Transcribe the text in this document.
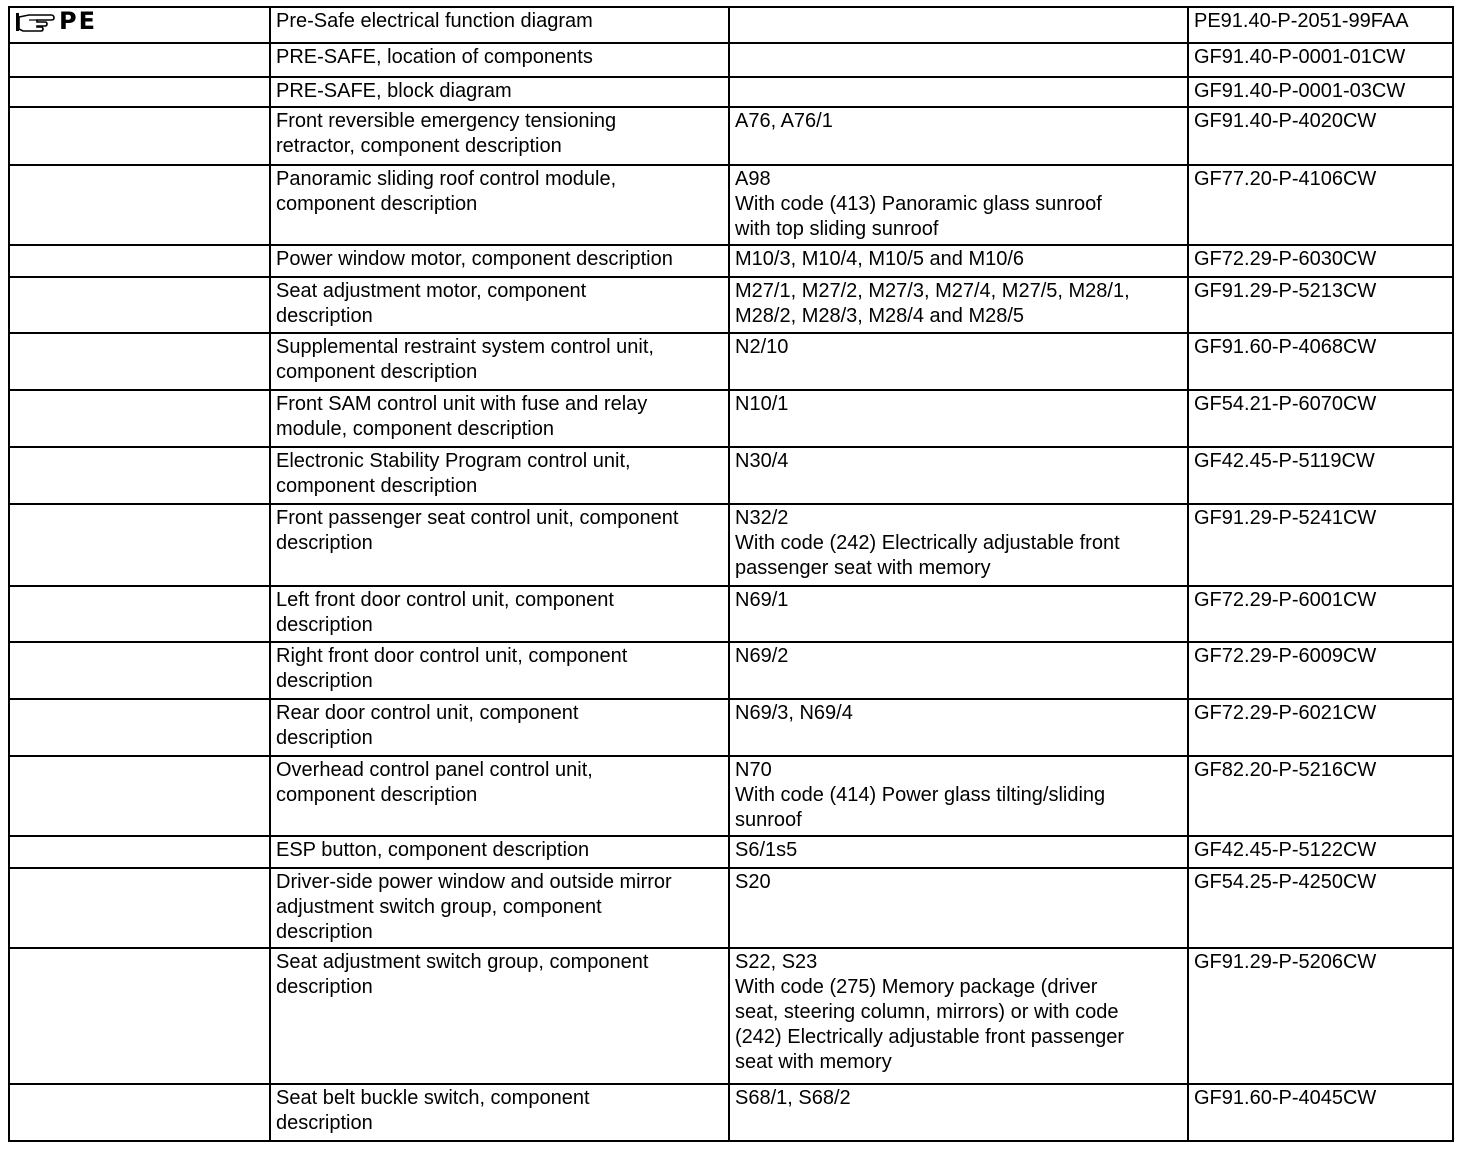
PE	Pre-Safe electrical function diagram		PE91.40-P-2051-99FAA

	PRE-SAFE, location of components		GF91.40-P-0001-01CW

	PRE-SAFE, block diagram		GF91.40-P-0001-03CW

	Front reversible emergency tensioning
retractor, component description	A76, A76/1	GF91.40-P-4020CW

	Panoramic sliding roof control module,
component description	A98
With code (413) Panoramic glass sunroof
with top sliding sunroof	GF77.20-P-4106CW

	Power window motor, component description	M10/3, M10/4, M10/5 and M10/6	GF72.29-P-6030CW

	Seat adjustment motor, component
description	M27/1, M27/2, M27/3, M27/4, M27/5, M28/1,
M28/2, M28/3, M28/4 and M28/5	GF91.29-P-5213CW

	Supplemental restraint system control unit,
component description	N2/10	GF91.60-P-4068CW

	Front SAM control unit with fuse and relay
module, component description	N10/1	GF54.21-P-6070CW

	Electronic Stability Program control unit,
component description	N30/4	GF42.45-P-5119CW

	Front passenger seat control unit, component
description	N32/2
With code (242) Electrically adjustable front
passenger seat with memory	GF91.29-P-5241CW

	Left front door control unit, component
description	N69/1	GF72.29-P-6001CW

	Right front door control unit, component
description	N69/2	GF72.29-P-6009CW

	Rear door control unit, component
description	N69/3, N69/4	GF72.29-P-6021CW

	Overhead control panel control unit,
component description	N70
With code (414) Power glass tilting/sliding
sunroof	GF82.20-P-5216CW

	ESP button, component description	S6/1s5	GF42.45-P-5122CW

	Driver-side power window and outside mirror
adjustment switch group, component
description	S20	GF54.25-P-4250CW

	Seat adjustment switch group, component
description	S22, S23
With code (275) Memory package (driver
seat, steering column, mirrors) or with code
(242) Electrically adjustable front passenger
seat with memory	GF91.29-P-5206CW

	Seat belt buckle switch, component
description	S68/1, S68/2	GF91.60-P-4045CW
